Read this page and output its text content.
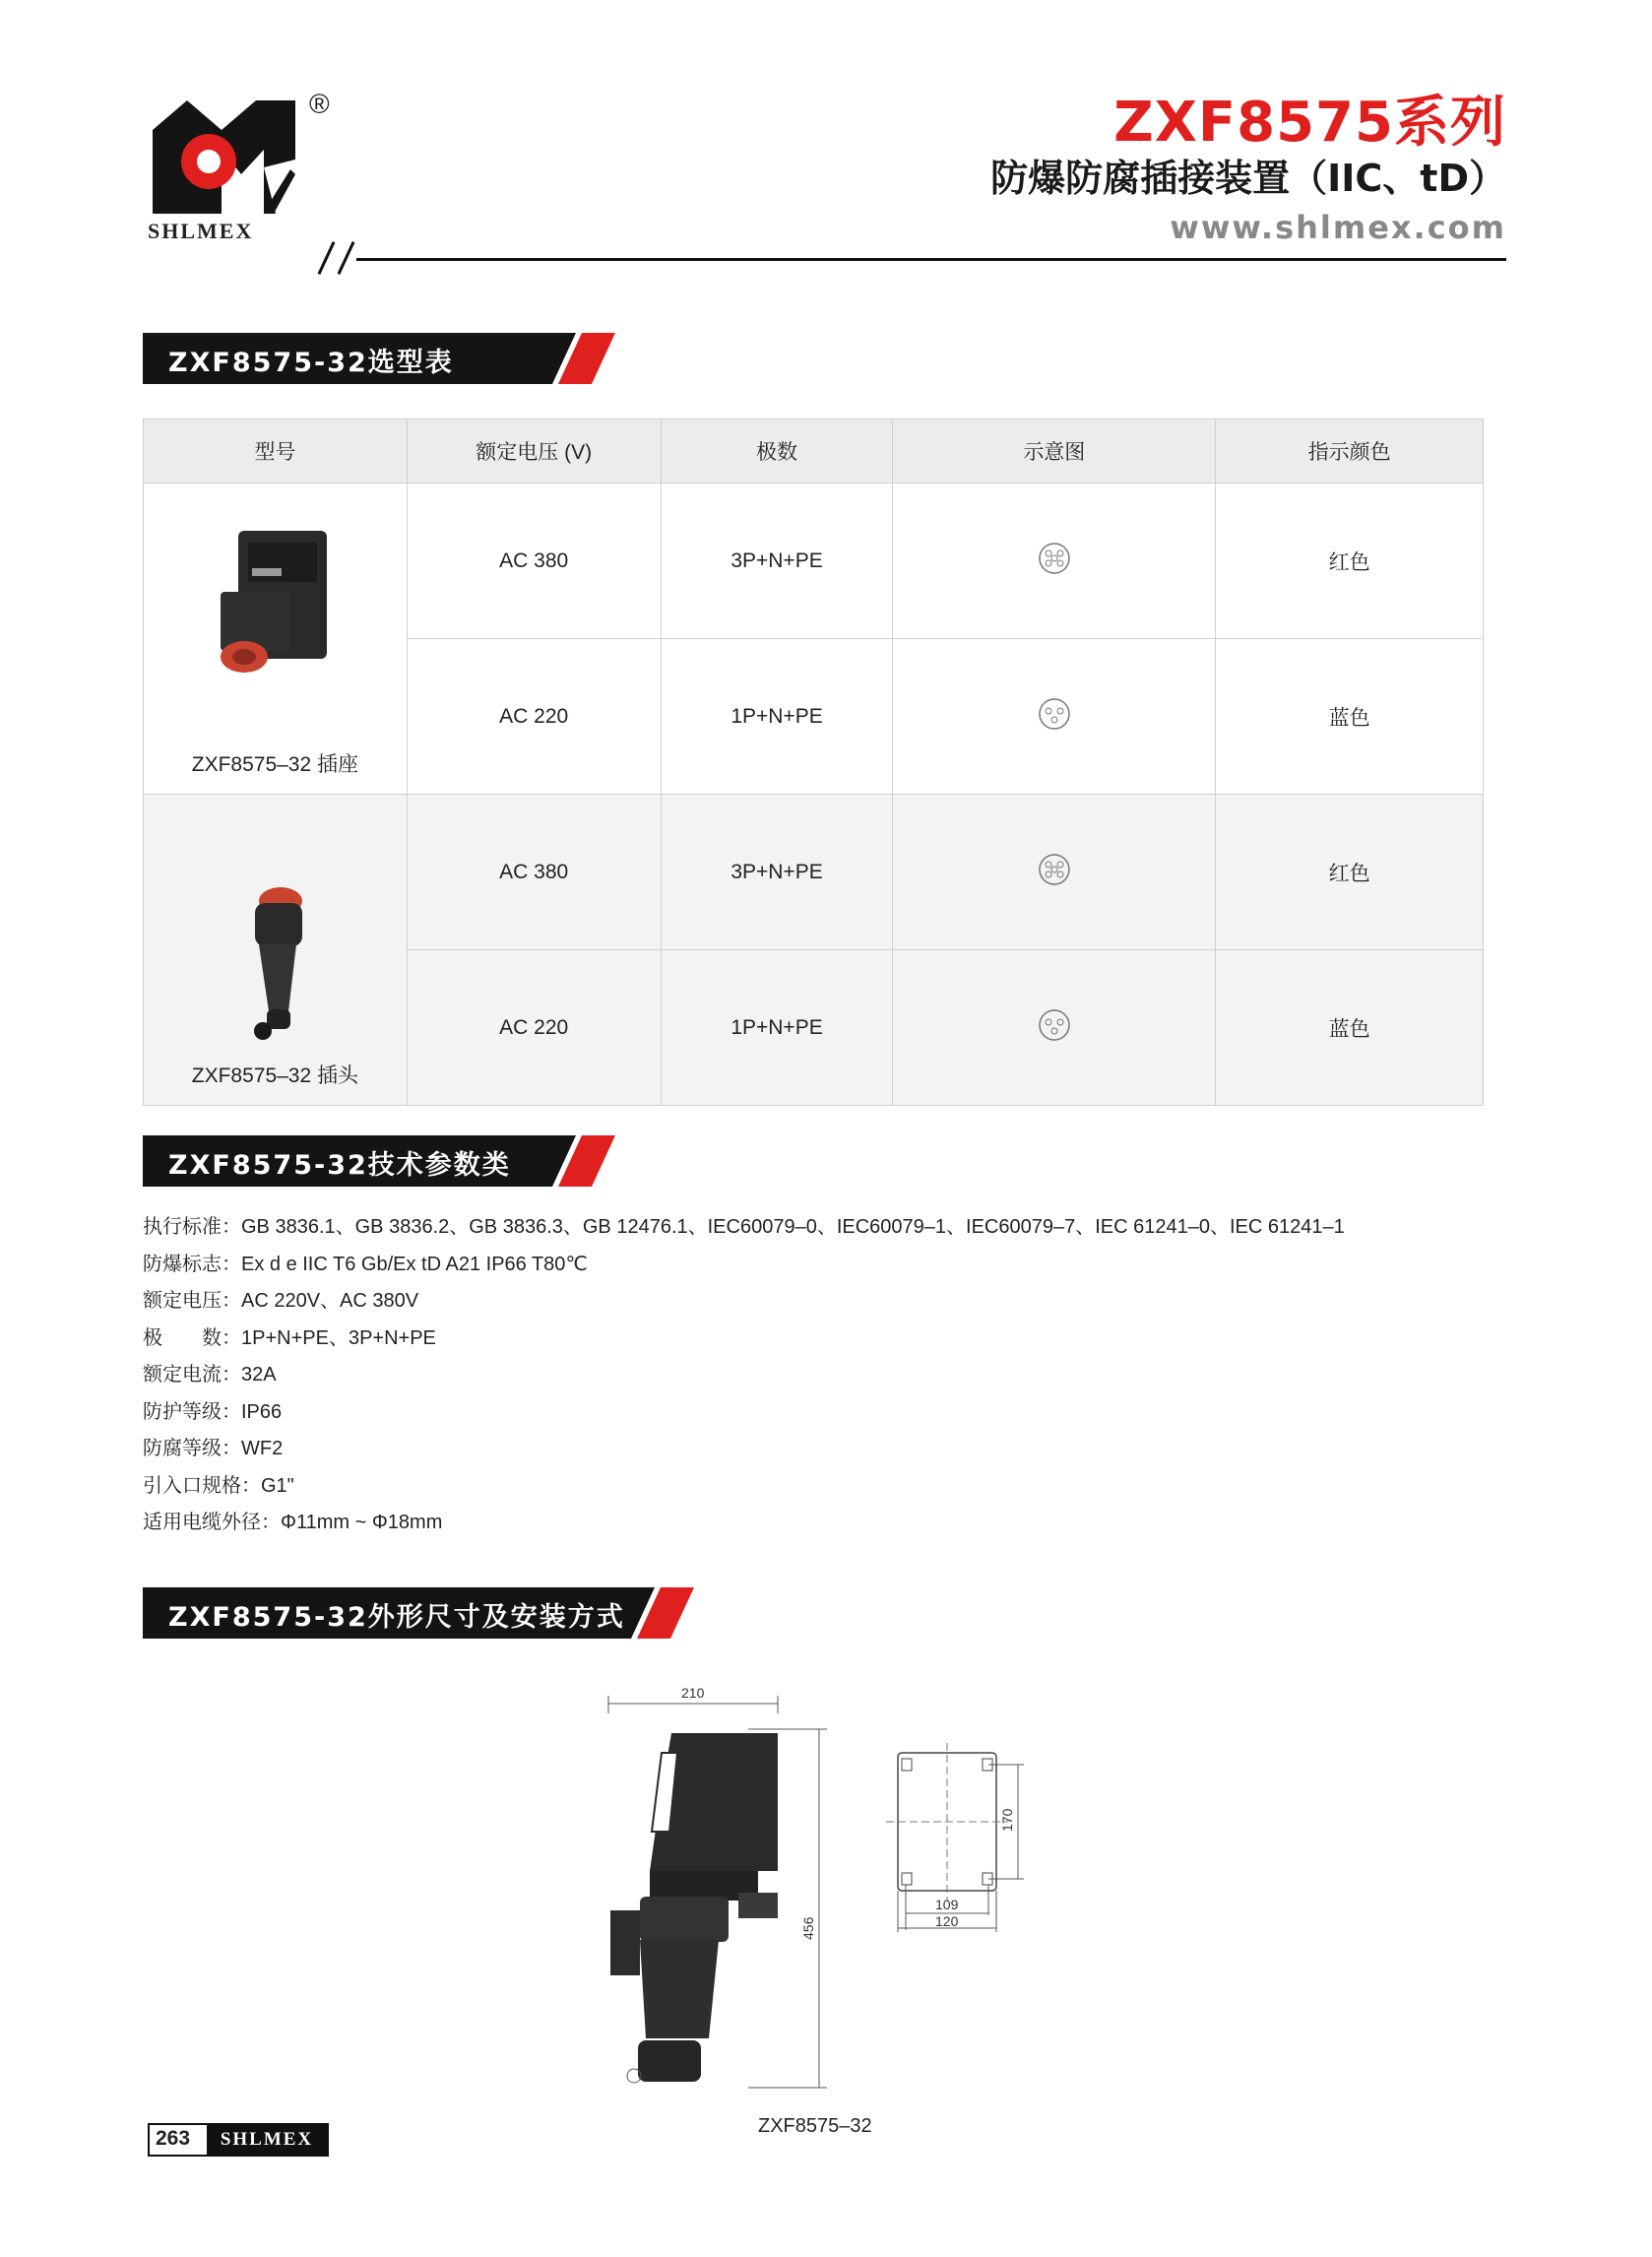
SHLMEX
®	ZXF8575系列
防爆防腐插接装置（IIC、tD）
www.shlmex.com
ZXF8575-32选型表
型号	额定电压 (V)	极数	示意图	指示颜色

ZXF8575–32 插座	AC 380	3P+N+PE		红色
	AC 220	1P+N+PE		蓝色

ZXF8575–32 插头	AC 380	3P+N+PE		红色
	AC 220	1P+N+PE		蓝色
ZXF8575-32技术参数类
执行标准：GB 3836.1、GB 3836.2、GB 3836.3、GB 12476.1、IEC60079–0、IEC60079–1、IEC60079–7、IEC 61241–0、IEC 61241–1
防爆标志：Ex d e IIC T6 Gb/Ex tD A21 IP66 T80℃
额定电压：AC 220V、AC 380V
极　　数：1P+N+PE、3P+N+PE
额定电流：32A
防护等级：IP66
防腐等级：WF2
引入口规格：G1"
适用电缆外径：Φ11mm ~ Φ18mm
ZXF8575-32外形尺寸及安装方式
210
456
170
109
120
ZXF8575–32
263	SHLMEX
